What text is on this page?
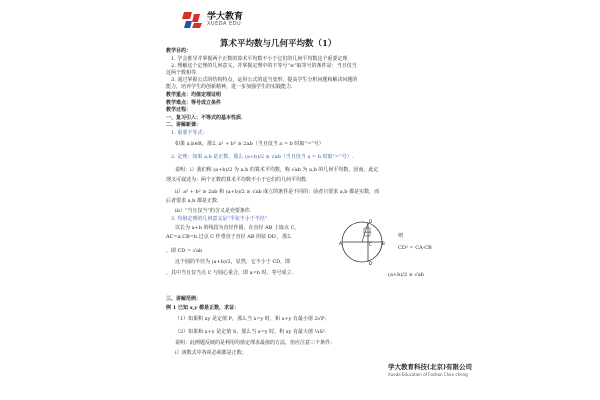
学大教育
XUEDA EDU
算术平均数与几何平均数（1）
教学目的：
1. 学会推导并掌握两个正数的算术平均数不小于它们的几何平均数这个重要定理.
2. 理解这个定理的几何意义，并掌握定理中的不等号“≥”取等号的条件是：当且仅当
这两个数相等.
3. 通过掌握公式的结构特点，运用公式的适当变形，提高学生分析问题和解决问题的
能力，培养学生的创新精神，进一步加强学生的实践能力.
教学重点：均值定理证明
教学难点：等号成立条件
教学过程：
一、复习引入：不等式的基本性质.
二、讲解新课：
1. 重要不等式：
如果 a,b∈R，那么 a² + b² ≥ 2ab（当且仅当 a = b 时取“=”号）
2. 定理：如果 a,b 是正数，那么 (a+b)/2 ≥ √ab（当且仅当 a = b 时取“=”号）.
说明：ⅰ）我们称 (a+b)/2 为 a,b 的算术平均数，称 √ab 为 a,b 的几何平均数，因而，此定
理又可叙述为：两个正数的算术平均数不小于它们的几何平均数.
ⅱ）a² + b² ≥ 2ab 和 (a+b)/2 ≥ √ab 成立的条件是不同的：前者只要求 a,b 都是实数，而
后者要求 a,b 都是正数.
ⅲ）“当且仅当”的含义是充要条件.
3. 均值定理的几何意义是“半弦不小于半径”
以长为 a+b 的线段为直径作圆，在直径 AB 上取点 C，
AC=a,CB=b.过点 C 作垂直于直径 AB 的弦 DD′，那么
，即 CD = √ab
这个圆的半径为 (a+b)/2，显然，它不小于 CD，即
，其中当且仅当点 C 与圆心重合，即 a=b 时，等号成立.
三、讲解范例：
例 1 已知 x,y 都是正数，求证：
（1）如果积 xy 是定值 P，那么当 x=y 时，和 x+y 有最小值 2√P；
（2）如果和 x+y 是定值 S，那么当 x=y 时，积 xy 有最大值 ¼S².
说明：此例题反映的是利用均值定理求最值的方法，但应注意三个条件：
ⅰ）函数式中各项必须都是正数；
A	B
C
D
D′
a+b
则
CD² = CA·CB
(a+b)/2 ≥ √ab
学大教育科技(北京)有限公司
Xueda Education of Foshan Chan cheng
